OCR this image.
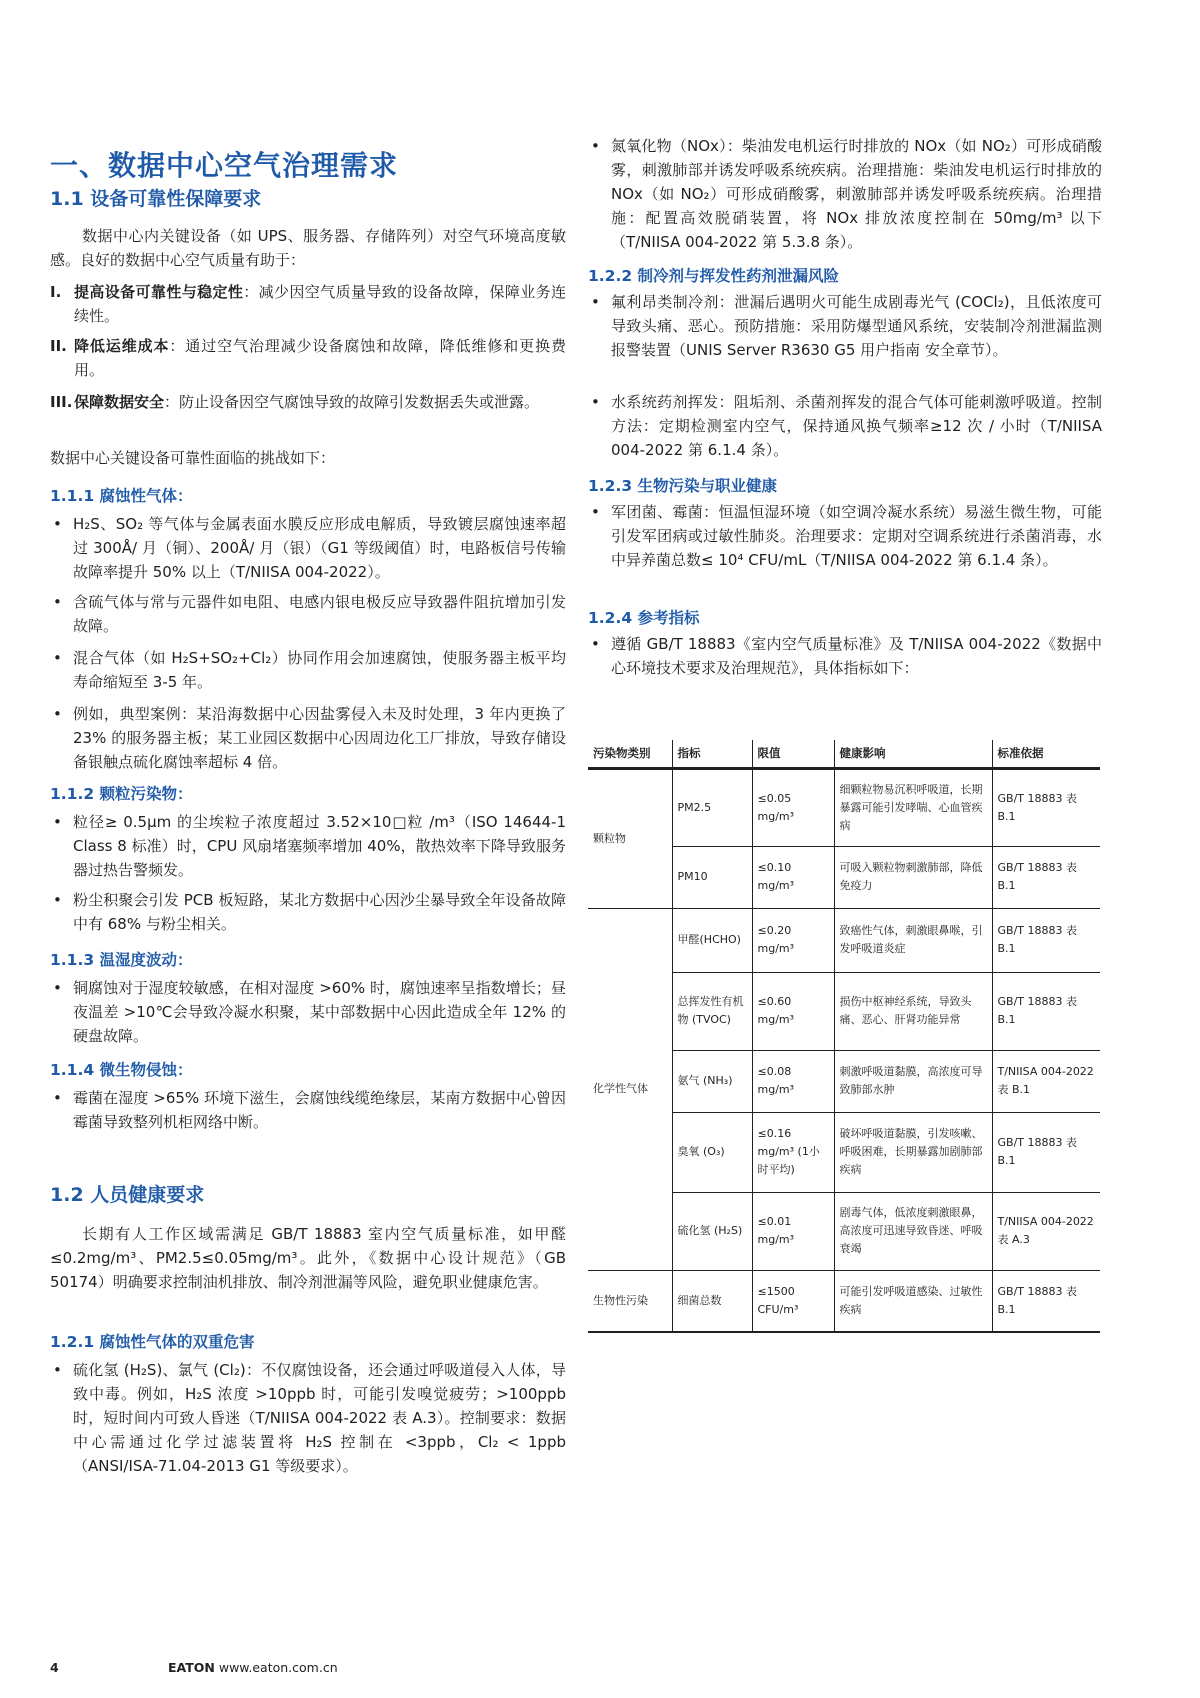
一、数据中心空气治理需求
1.1 设备可靠性保障要求
数据中心内关键设备（如 UPS、服务器、存储阵列）对空气环境高度敏感。良好的数据中心空气质量有助于：
I. 提高设备可靠性与稳定性：减少因空气质量导致的设备故障，保障业务连续性。
II. 降低运维成本：通过空气治理减少设备腐蚀和故障，降低维修和更换费用。
III. 保障数据安全：防止设备因空气腐蚀导致的故障引发数据丢失或泄露。
数据中心关键设备可靠性面临的挑战如下：
1.1.1 腐蚀性气体：
• H₂S、SO₂ 等气体与金属表面水膜反应形成电解质，导致镀层腐蚀速率超过 300Å/ 月（铜）、200Å/ 月（银）（G1 等级阈值）时，电路板信号传输故障率提升 50% 以上（T/NIISA 004-2022）。
• 含硫气体与常与元器件如电阻、电感内银电极反应导致器件阻抗增加引发故障。
• 混合气体（如 H₂S+SO₂+Cl₂）协同作用会加速腐蚀，使服务器主板平均寿命缩短至 3-5 年。
• 例如，典型案例：某沿海数据中心因盐雾侵入未及时处理，3 年内更换了 23% 的服务器主板；某工业园区数据中心因周边化工厂排放，导致存储设备银触点硫化腐蚀率超标 4 倍。
1.1.2 颗粒污染物：
• 粒径≥ 0.5μm 的尘埃粒子浓度超过 3.52×10□粒 /m³（ISO 14644-1 Class 8 标准）时，CPU 风扇堵塞频率增加 40%，散热效率下降导致服务器过热告警频发。
• 粉尘积聚会引发 PCB 板短路，某北方数据中心因沙尘暴导致全年设备故障中有 68% 与粉尘相关。
1.1.3 温湿度波动：
• 铜腐蚀对于湿度较敏感，在相对湿度 >60% 时，腐蚀速率呈指数增长；昼夜温差 >10℃会导致冷凝水积聚，某中部数据中心因此造成全年 12% 的硬盘故障。
1.1.4 微生物侵蚀：
• 霉菌在湿度 >65% 环境下滋生，会腐蚀线缆绝缘层，某南方数据中心曾因霉菌导致整列机柜网络中断。
1.2 人员健康要求
长期有人工作区域需满足 GB/T 18883 室内空气质量标准，如甲醛≤0.2mg/m³、PM2.5≤0.05mg/m³。此外，《数据中心设计规范》（GB 50174）明确要求控制油机排放、制冷剂泄漏等风险，避免职业健康危害。
1.2.1 腐蚀性气体的双重危害
• 硫化氢 (H₂S)、氯气 (Cl₂)：不仅腐蚀设备，还会通过呼吸道侵入人体，导致中毒。例如，H₂S 浓度 >10ppb 时，可能引发嗅觉疲劳；>100ppb 时，短时间内可致人昏迷（T/NIISA 004-2022 表 A.3）。控制要求：数据中心需通过化学过滤装置将 H₂S 控制在 <3ppb，Cl₂ < 1ppb（ANSI/ISA-71.04-2013 G1 等级要求）。
• 氮氧化物（NOx）：柴油发电机运行时排放的 NOx（如 NO₂）可形成硝酸雾，刺激肺部并诱发呼吸系统疾病。治理措施：柴油发电机运行时排放的 NOx（如 NO₂）可形成硝酸雾，刺激肺部并诱发呼吸系统疾病。治理措施：配置高效脱硝装置，将 NOx 排放浓度控制在 50mg/m³ 以下（T/NIISA 004-2022 第 5.3.8 条）。
1.2.2 制冷剂与挥发性药剂泄漏风险
• 氟利昂类制冷剂：泄漏后遇明火可能生成剧毒光气 (COCl₂)，且低浓度可导致头痛、恶心。预防措施：采用防爆型通风系统，安装制冷剂泄漏监测报警装置（UNIS Server R3630 G5 用户指南 安全章节）。
• 水系统药剂挥发：阻垢剂、杀菌剂挥发的混合气体可能刺激呼吸道。控制方法：定期检测室内空气，保持通风换气频率≥12 次 / 小时（T/NIISA 004-2022 第 6.1.4 条）。
1.2.3 生物污染与职业健康
• 军团菌、霉菌：恒温恒湿环境（如空调冷凝水系统）易滋生微生物，可能引发军团病或过敏性肺炎。治理要求：定期对空调系统进行杀菌消毒，水中异养菌总数≤ 10⁴ CFU/mL（T/NIISA 004-2022 第 6.1.4 条）。
1.2.4 参考指标
• 遵循 GB/T 18883《室内空气质量标准》及 T/NIISA 004-2022《数据中心环境技术要求及治理规范》，具体指标如下：
污染物类别	指标	限值	健康影响	标准依据
颗粒物	PM2.5	≤0.05 mg/m³	细颗粒物易沉积呼吸道，长期暴露可能引发哮喘、心血管疾病	GB/T 18883 表 B.1
	PM10	≤0.10 mg/m³	可吸入颗粒物刺激肺部，降低免疫力	GB/T 18883 表 B.1
化学性气体	甲醛(HCHO)	≤0.20 mg/m³	致癌性气体，刺激眼鼻喉，引发呼吸道炎症	GB/T 18883 表 B.1
	总挥发性有机物 (TVOC)	≤0.60 mg/m³	损伤中枢神经系统，导致头痛、恶心、肝肾功能异常	GB/T 18883 表 B.1
	氨气 (NH₃)	≤0.08 mg/m³	刺激呼吸道黏膜，高浓度可导致肺部水肿	T/NIISA 004-2022 表 B.1
	臭氧 (O₃)	≤0.16 mg/m³ (1小时平均)	破坏呼吸道黏膜，引发咳嗽、呼吸困难，长期暴露加剧肺部疾病	GB/T 18883 表 B.1
	硫化氢 (H₂S)	≤0.01 mg/m³	剧毒气体，低浓度刺激眼鼻，高浓度可迅速导致昏迷、呼吸衰竭	T/NIISA 004-2022 表 A.3
生物性污染	细菌总数	≤1500 CFU/m³	可能引发呼吸道感染、过敏性疾病	GB/T 18883 表 B.1
4	EATON www.eaton.com.cn
